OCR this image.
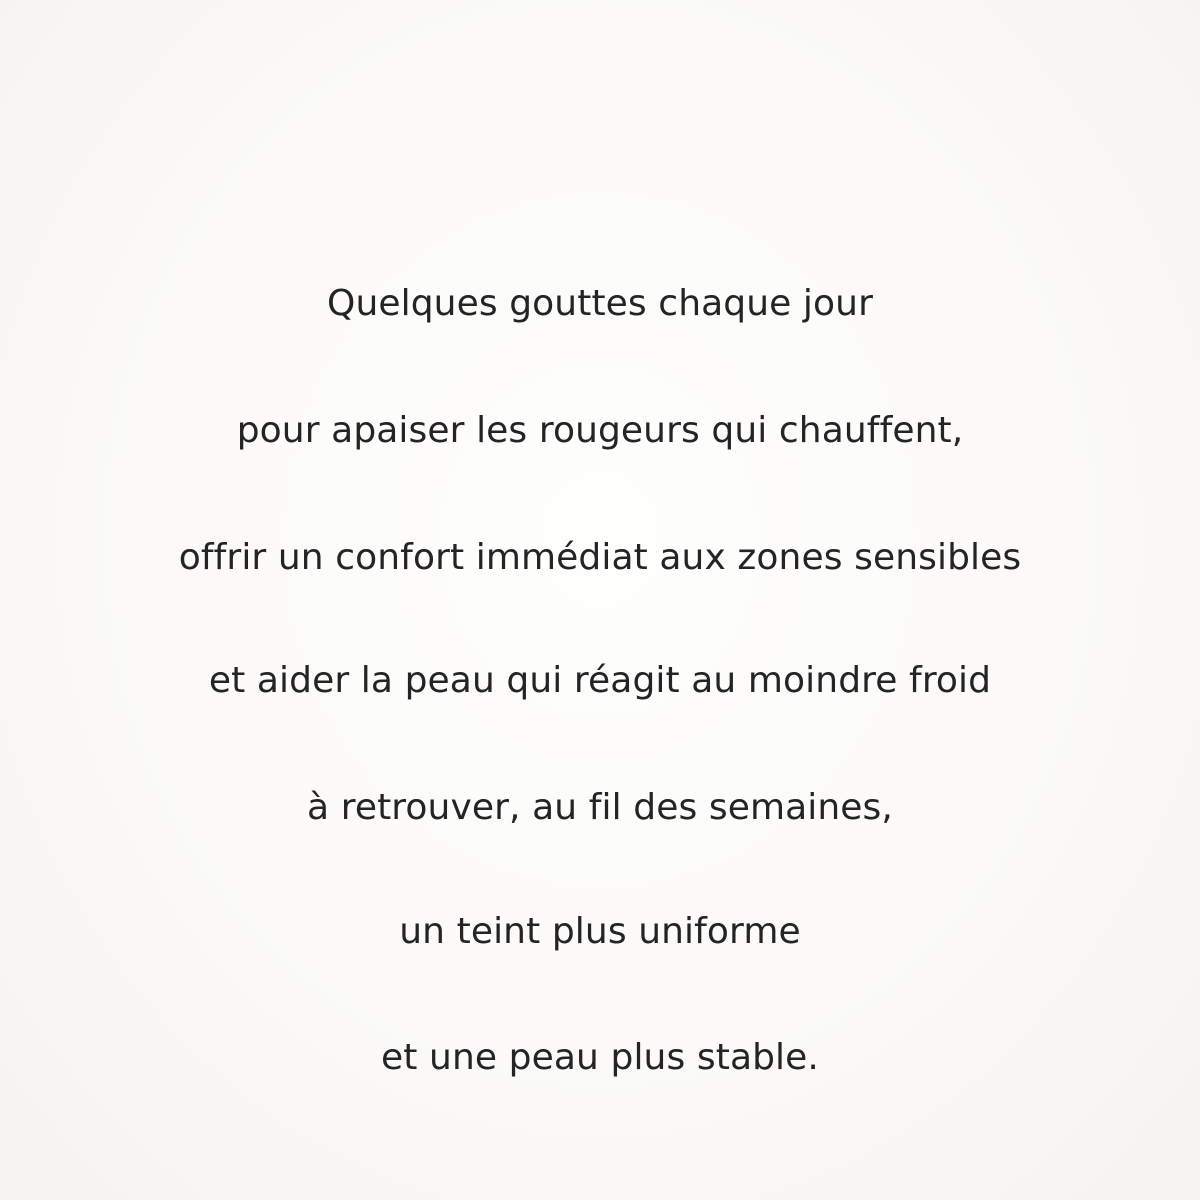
Quelques gouttes chaque jour
pour apaiser les rougeurs qui chauffent,
offrir un confort immédiat aux zones sensibles
et aider la peau qui réagit au moindre froid
à retrouver, au fil des semaines,
un teint plus uniforme
et une peau plus stable.
